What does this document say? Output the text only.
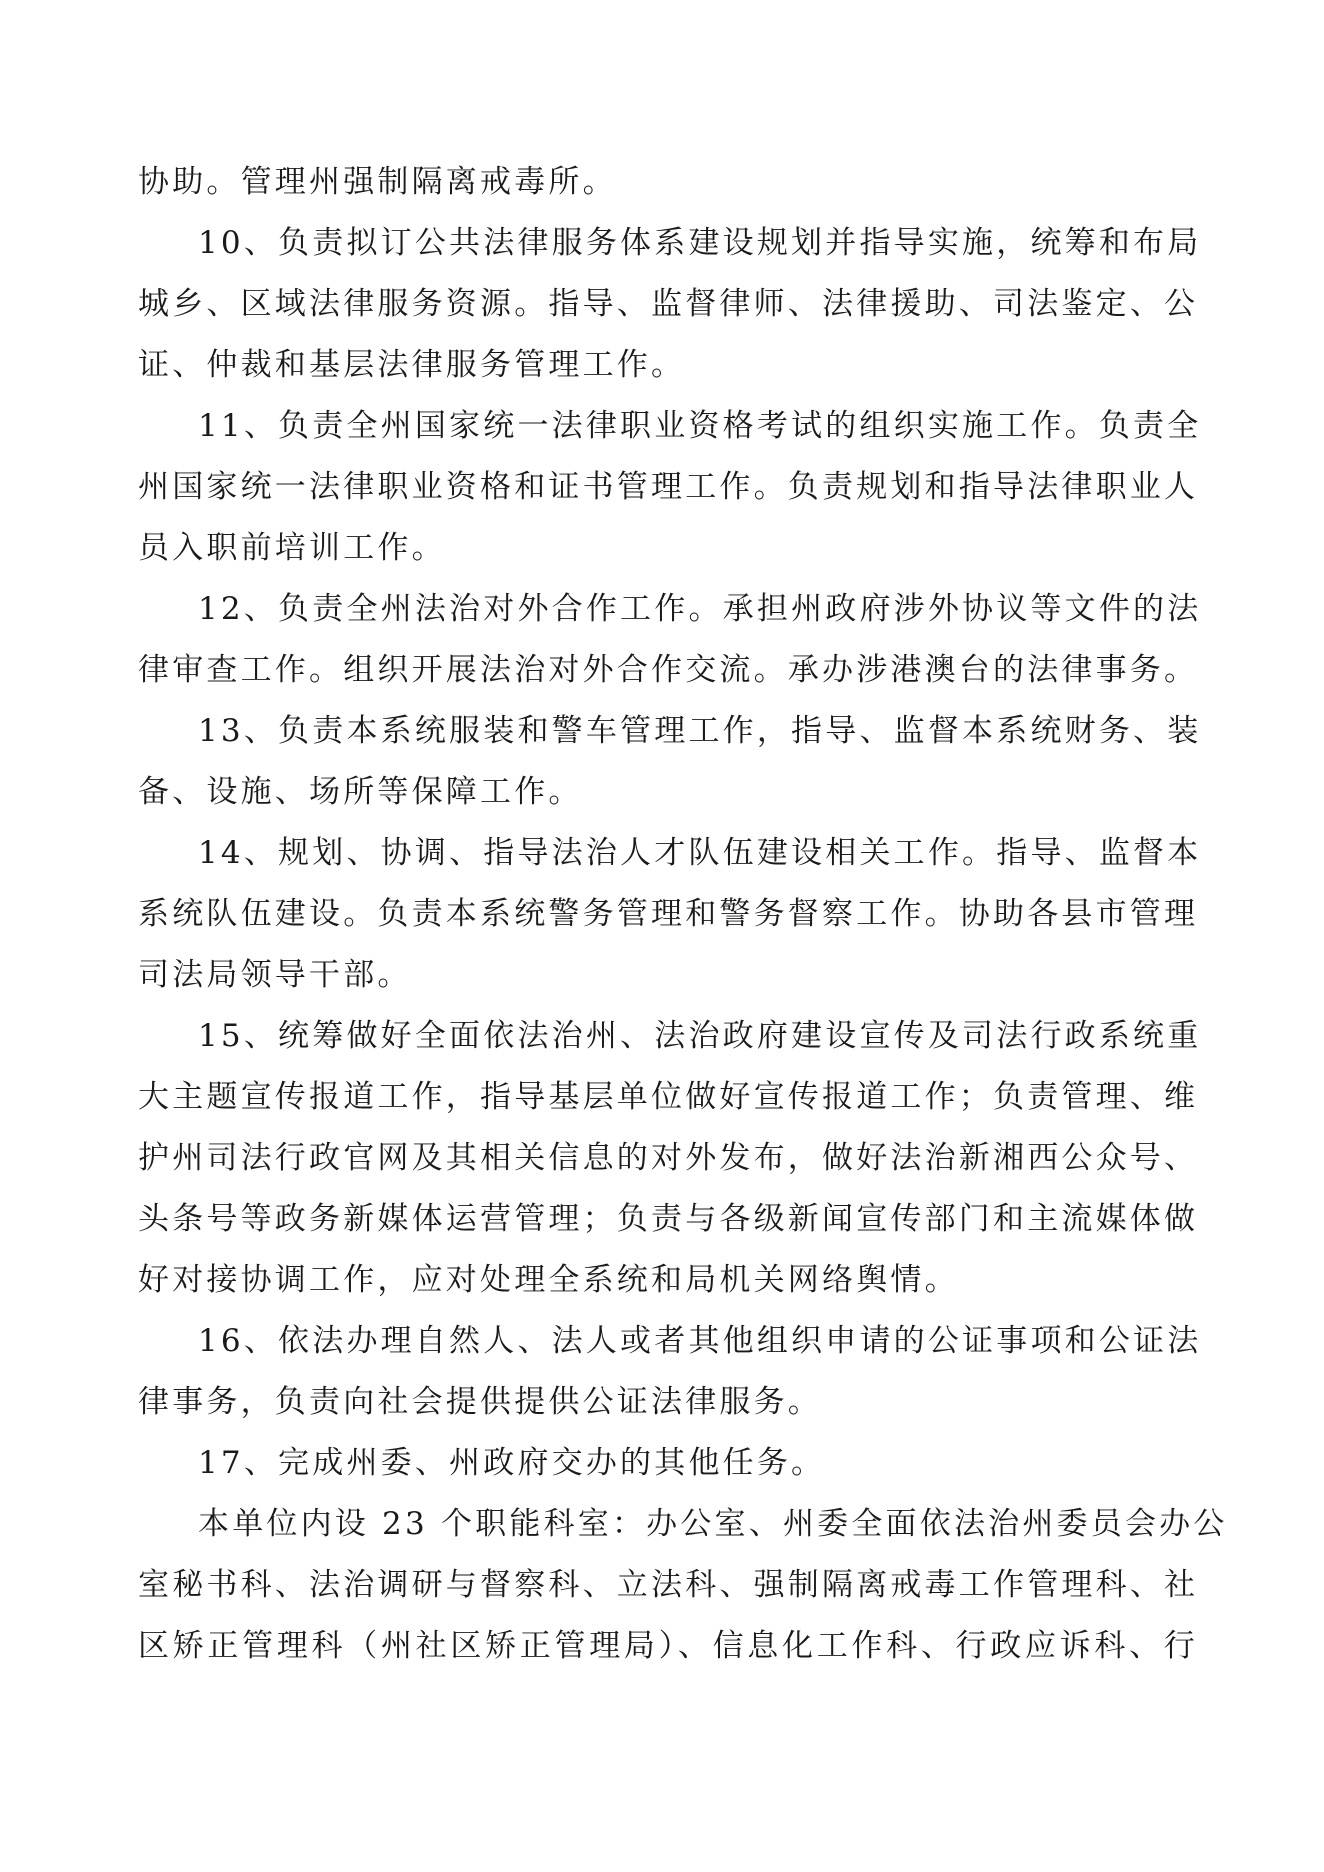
协助。管理州强制隔离戒毒所。

10、负责拟订公共法律服务体系建设规划并指导实施，统筹和布局
城乡、区域法律服务资源。指导、监督律师、法律援助、司法鉴定、公
证、仲裁和基层法律服务管理工作。

11、负责全州国家统一法律职业资格考试的组织实施工作。负责全
州国家统一法律职业资格和证书管理工作。负责规划和指导法律职业人
员入职前培训工作。

12、负责全州法治对外合作工作。承担州政府涉外协议等文件的法
律审查工作。组织开展法治对外合作交流。承办涉港澳台的法律事务。

13、负责本系统服装和警车管理工作，指导、监督本系统财务、装
备、设施、场所等保障工作。

14、规划、协调、指导法治人才队伍建设相关工作。指导、监督本
系统队伍建设。负责本系统警务管理和警务督察工作。协助各县市管理
司法局领导干部。

15、统筹做好全面依法治州、法治政府建设宣传及司法行政系统重
大主题宣传报道工作，指导基层单位做好宣传报道工作；负责管理、维
护州司法行政官网及其相关信息的对外发布，做好法治新湘西公众号、
头条号等政务新媒体运营管理；负责与各级新闻宣传部门和主流媒体做
好对接协调工作，应对处理全系统和局机关网络舆情。

16、依法办理自然人、法人或者其他组织申请的公证事项和公证法
律事务，负责向社会提供提供公证法律服务。

17、完成州委、州政府交办的其他任务。

本单位内设 23 个职能科室：办公室、州委全面依法治州委员会办公
室秘书科、法治调研与督察科、立法科、强制隔离戒毒工作管理科、社
区矫正管理科（州社区矫正管理局）、信息化工作科、行政应诉科、行
